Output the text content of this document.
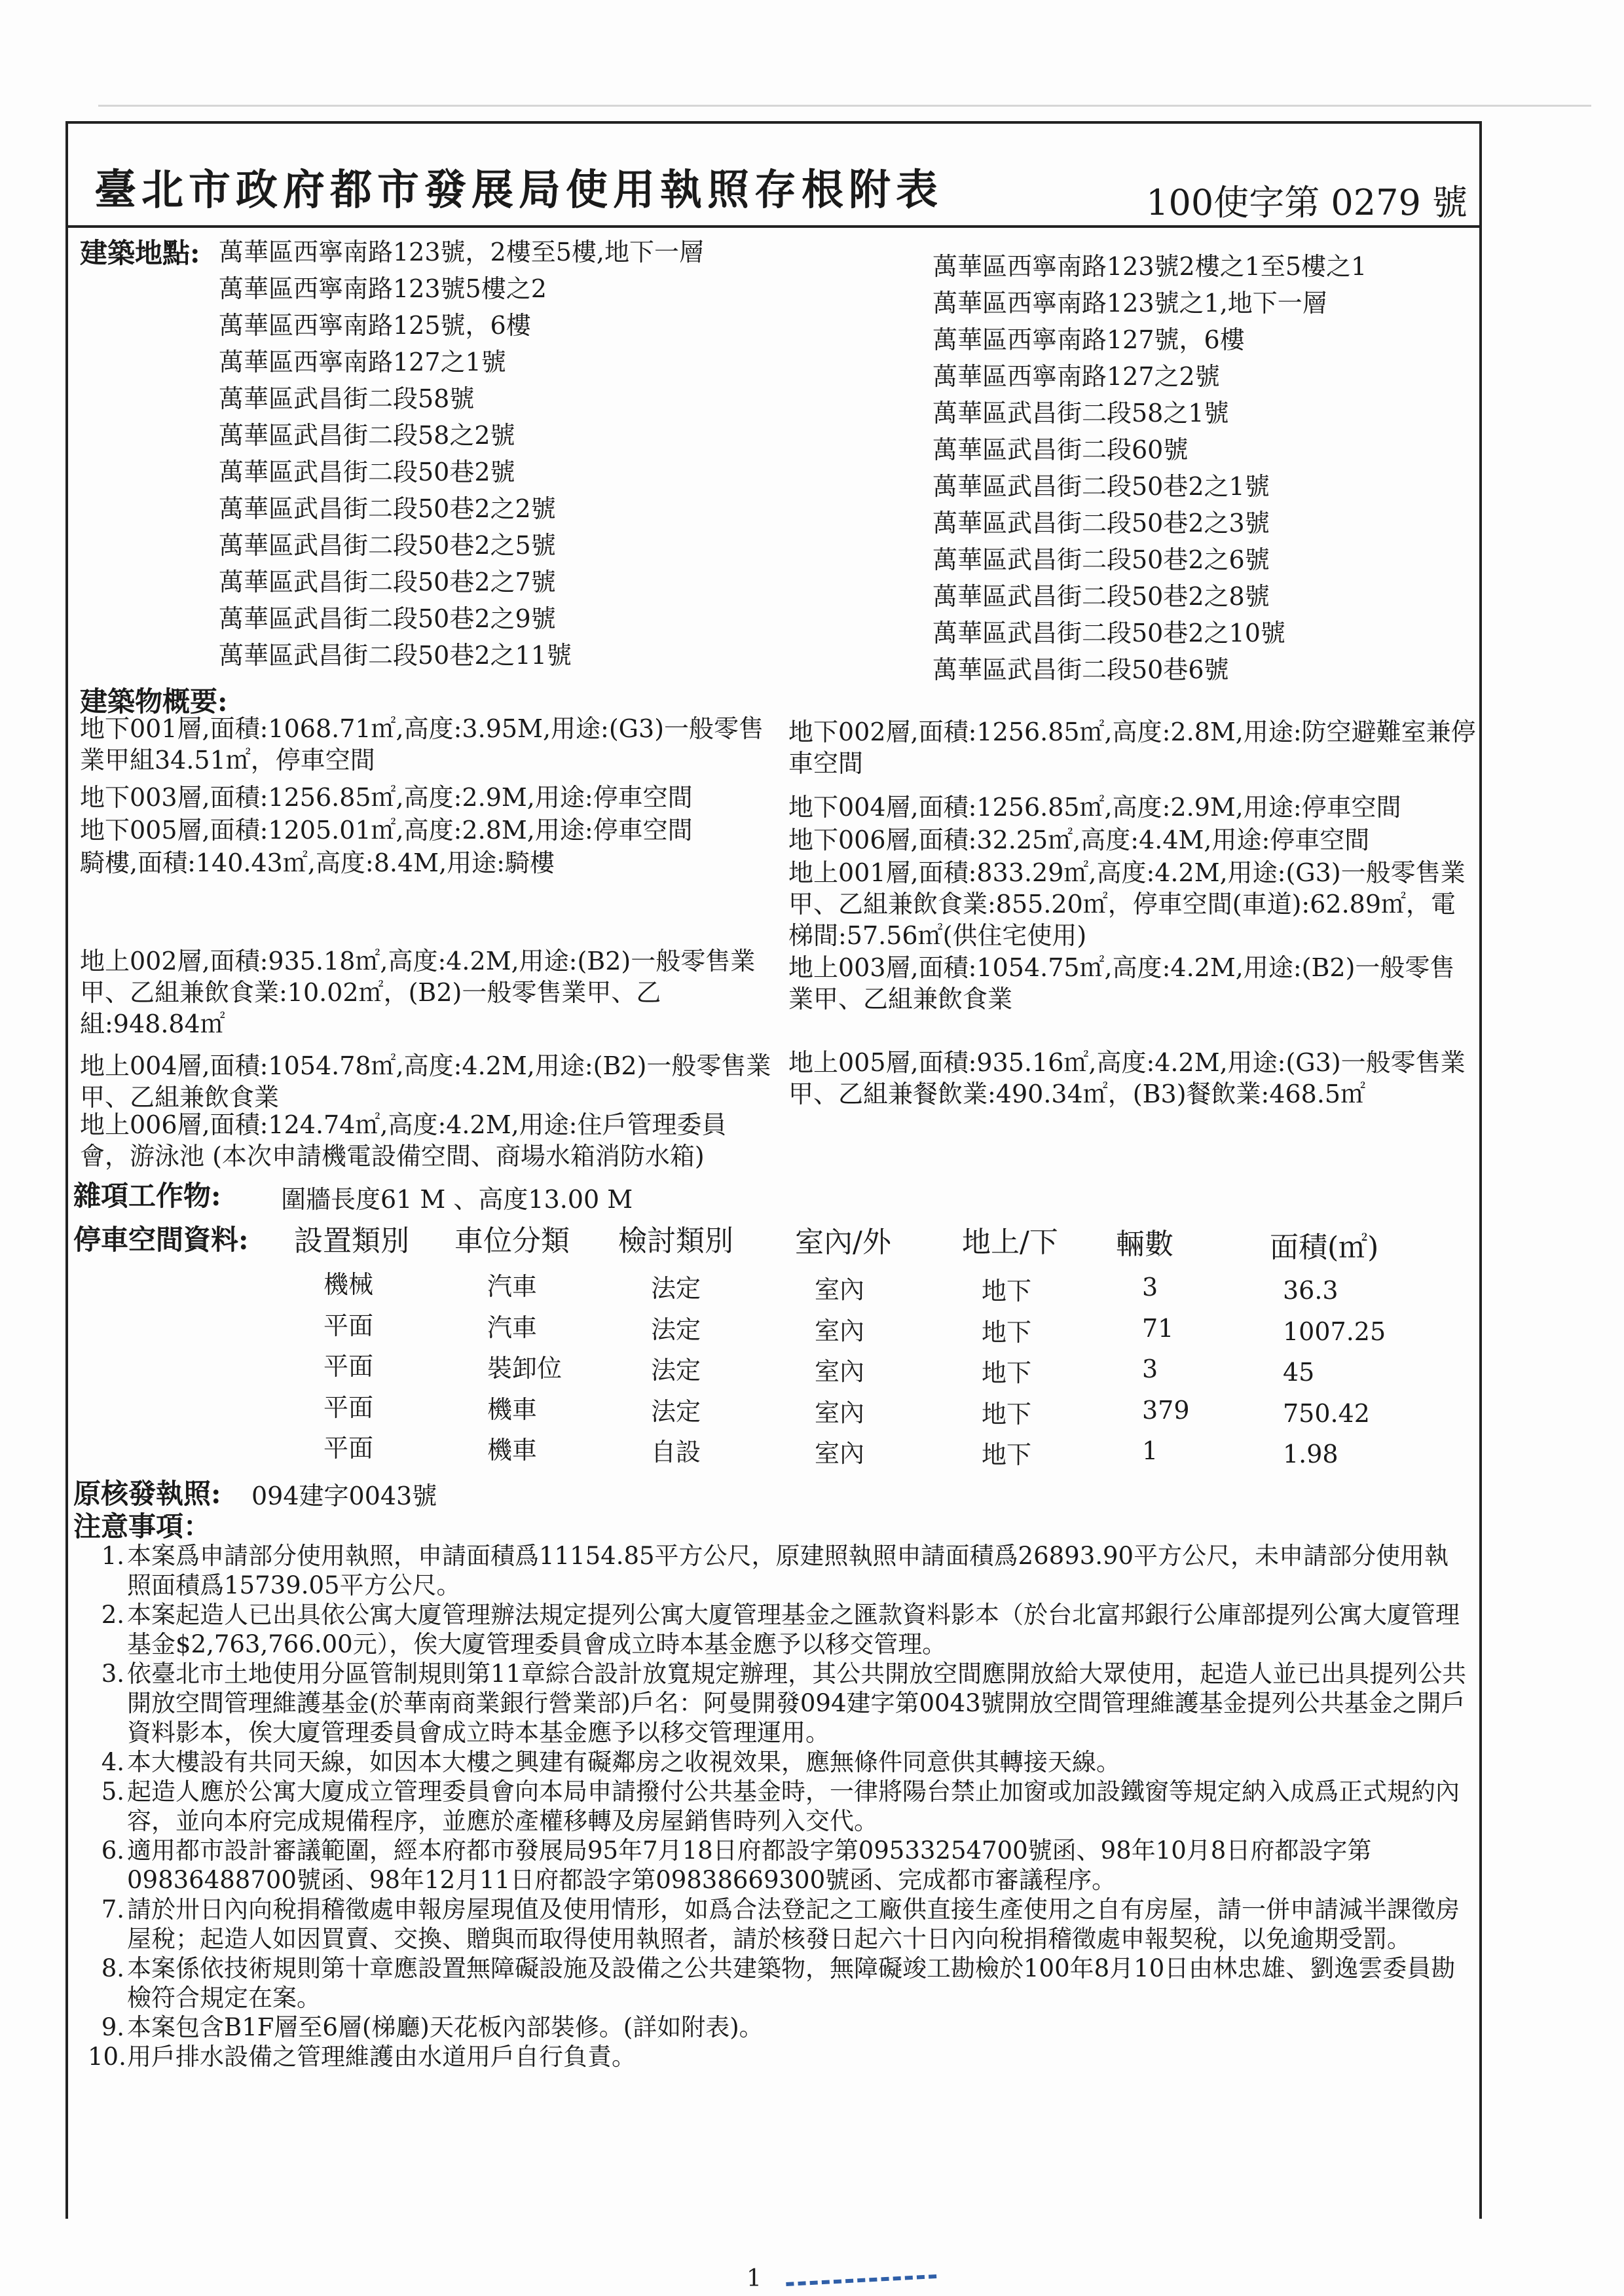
臺北市政府都市發展局使用執照存根附表	100使字第 0279 號
建築地點: 萬華區西寧南路123號，2樓至5樓,地下一層
萬華區西寧南路123號5樓之2
萬華區西寧南路125號，6樓
萬華區西寧南路127之1號
萬華區武昌街二段58號
萬華區武昌街二段58之2號
萬華區武昌街二段50巷2號
萬華區武昌街二段50巷2之2號
萬華區武昌街二段50巷2之5號
萬華區武昌街二段50巷2之7號
萬華區武昌街二段50巷2之9號
萬華區武昌街二段50巷2之11號
萬華區西寧南路123號2樓之1至5樓之1
萬華區西寧南路123號之1,地下一層
萬華區西寧南路127號，6樓
萬華區西寧南路127之2號
萬華區武昌街二段58之1號
萬華區武昌街二段60號
萬華區武昌街二段50巷2之1號
萬華區武昌街二段50巷2之3號
萬華區武昌街二段50巷2之6號
萬華區武昌街二段50巷2之8號
萬華區武昌街二段50巷2之10號
萬華區武昌街二段50巷6號
建築物概要:
地下001層,面積:1068.71㎡,高度:3.95M,用途:(G3)一般零售業甲組34.51㎡，停車空間
地下003層,面積:1256.85㎡,高度:2.9M,用途:停車空間
地下005層,面積:1205.01㎡,高度:2.8M,用途:停車空間
騎樓,面積:140.43㎡,高度:8.4M,用途:騎樓
地上002層,面積:935.18㎡,高度:4.2M,用途:(B2)一般零售業甲、乙組兼飲食業:10.02㎡，(B2)一般零售業甲、乙組:948.84㎡
地上004層,面積:1054.78㎡,高度:4.2M,用途:(B2)一般零售業甲、乙組兼飲食業
地上006層,面積:124.74㎡,高度:4.2M,用途:住戶管理委員會，游泳池 (本次申請機電設備空間、商場水箱消防水箱)
地下002層,面積:1256.85㎡,高度:2.8M,用途:防空避難室兼停車空間
地下004層,面積:1256.85㎡,高度:2.9M,用途:停車空間
地下006層,面積:32.25㎡,高度:4.4M,用途:停車空間
地上001層,面積:833.29㎡,高度:4.2M,用途:(G3)一般零售業甲、乙組兼飲食業:855.20㎡，停車空間(車道):62.89㎡，電梯間:57.56㎡(供住宅使用)
地上003層,面積:1054.75㎡,高度:4.2M,用途:(B2)一般零售業甲、乙組兼飲食業
地上005層,面積:935.16㎡,高度:4.2M,用途:(G3)一般零售業甲、乙組兼餐飲業:490.34㎡，(B3)餐飲業:468.5㎡
雜項工作物: 圍牆長度61 M 、高度13.00 M
停車空間資料: 設置類別 車位分類 檢討類別 室內/外 地上/下 輛數	面積(㎡)
機械	汽車	法定	室內	地下	3	36.3
平面	汽車	法定	室內	地下	71	1007.25
平面	裝卸位	法定	室內	地下	3	45
平面	機車	法定	室內	地下	379	750.42
平面	機車	自設	室內	地下	1	1.98
原核發執照: 094建字0043號
注意事項：
1. 本案爲申請部分使用執照，申請面積爲11154.85平方公尺，原建照執照申請面積爲26893.90平方公尺，未申請部分使用執照面積爲15739.05平方公尺。
2. 本案起造人已出具依公寓大廈管理辦法規定提列公寓大廈管理基金之匯款資料影本（於台北富邦銀行公庫部提列公寓大廈管理基金$2,763,766.00元），俟大廈管理委員會成立時本基金應予以移交管理。
3. 依臺北市土地使用分區管制規則第11章綜合設計放寬規定辦理，其公共開放空間應開放給大眾使用，起造人並已出具提列公共開放空間管理維護基金(於華南商業銀行營業部)戶名：阿曼開發094建字第0043號開放空間管理維護基金提列公共基金之開戶資料影本，俟大廈管理委員會成立時本基金應予以移交管理運用。
4. 本大樓設有共同天線，如因本大樓之興建有礙鄰房之收視效果，應無條件同意供其轉接天線。
5. 起造人應於公寓大廈成立管理委員會向本局申請撥付公共基金時，一律將陽台禁止加窗或加設鐵窗等規定納入成爲正式規約內容，並向本府完成規備程序，並應於產權移轉及房屋銷售時列入交代。
6. 適用都市設計審議範圍，經本府都市發展局95年7月18日府都設字第09533254700號函、98年10月8日府都設字第09836488700號函、98年12月11日府都設字第09838669300號函、完成都市審議程序。
7. 請於卅日內向稅捐稽徵處申報房屋現值及使用情形，如爲合法登記之工廠供直接生產使用之自有房屋，請一併申請減半課徵房屋稅；起造人如因買賣、交換、贈與而取得使用執照者，請於核發日起六十日內向稅捐稽徵處申報契稅，以免逾期受罰。
8. 本案係依技術規則第十章應設置無障礙設施及設備之公共建築物，無障礙竣工勘檢於100年8月10日由林忠雄、劉逸雲委員勘檢符合規定在案。
9. 本案包含B1F層至6層(梯廳)天花板內部裝修。(詳如附表)。
10. 用戶排水設備之管理維護由水道用戶自行負責。
1
